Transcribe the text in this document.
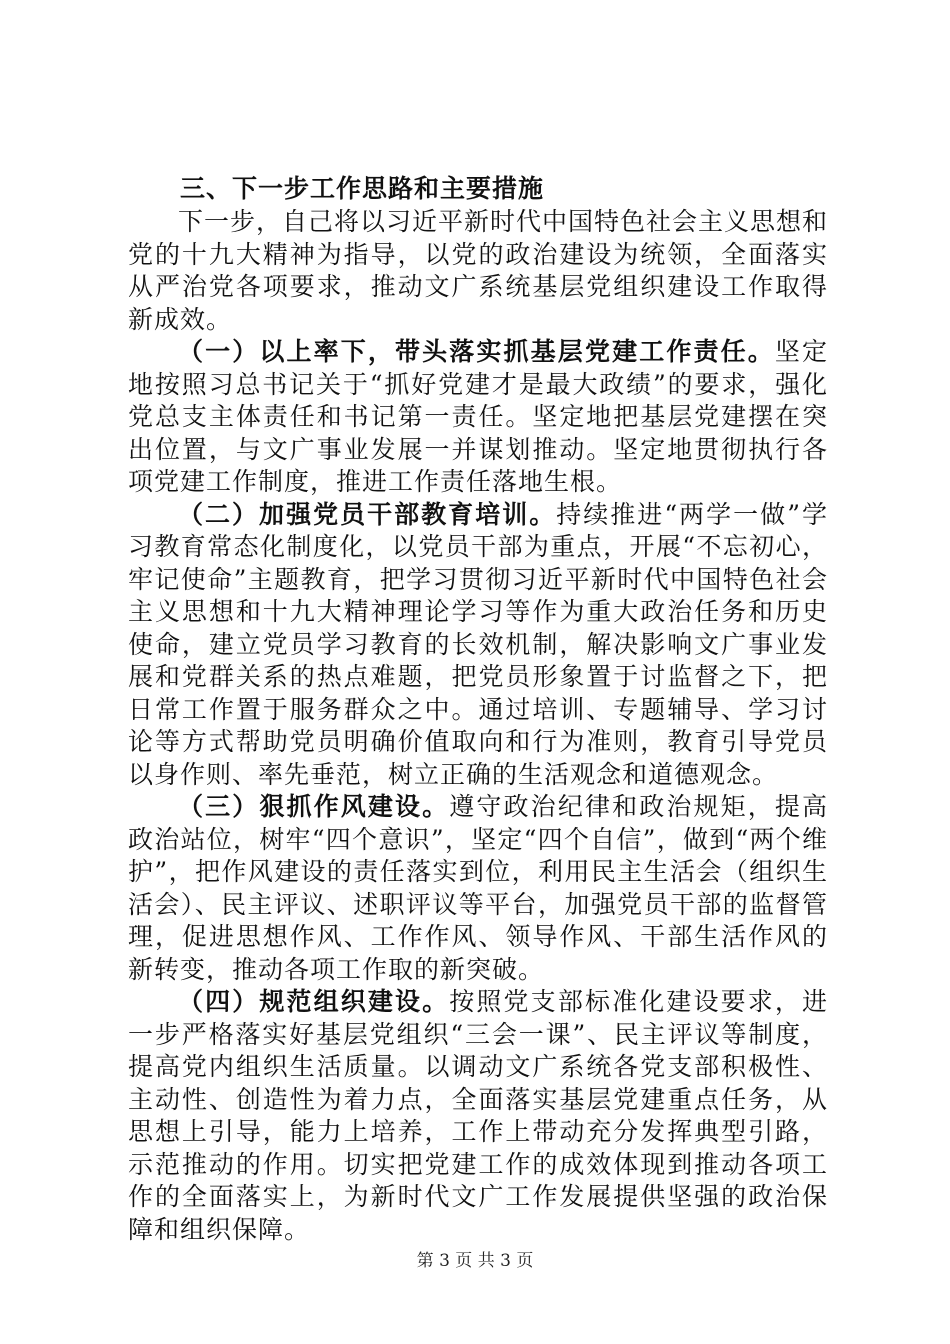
三、下一步工作思路和主要措施

下一步，自己将以习近平新时代中国特色社会主义思想和党的十九大精神为指导，以党的政治建设为统领，全面落实从严治党各项要求，推动文广系统基层党组织建设工作取得新成效。

（一）以上率下，带头落实抓基层党建工作责任。坚定地按照习总书记关于“抓好党建才是最大政绩”的要求，强化党总支主体责任和书记第一责任。坚定地把基层党建摆在突出位置，与文广事业发展一并谋划推动。坚定地贯彻执行各项党建工作制度，推进工作责任落地生根。

（二）加强党员干部教育培训。持续推进“两学一做”学习教育常态化制度化，以党员干部为重点，开展“不忘初心，牢记使命”主题教育，把学习贯彻习近平新时代中国特色社会主义思想和十九大精神理论学习等作为重大政治任务和历史使命，建立党员学习教育的长效机制，解决影响文广事业发展和党群关系的热点难题，把党员形象置于讨监督之下，把日常工作置于服务群众之中。通过培训、专题辅导、学习讨论等方式帮助党员明确价值取向和行为准则，教育引导党员以身作则、率先垂范，树立正确的生活观念和道德观念。

（三）狠抓作风建设。遵守政治纪律和政治规矩，提高政治站位，树牢“四个意识”，坚定“四个自信”，做到“两个维护”，把作风建设的责任落实到位，利用民主生活会（组织生活会）、民主评议、述职评议等平台，加强党员干部的监督管理，促进思想作风、工作作风、领导作风、干部生活作风的新转变，推动各项工作取的新突破。

（四）规范组织建设。按照党支部标准化建设要求，进一步严格落实好基层党组织“三会一课”、民主评议等制度，提高党内组织生活质量。以调动文广系统各党支部积极性、主动性、创造性为着力点，全面落实基层党建重点任务，从思想上引导，能力上培养，工作上带动充分发挥典型引路，示范推动的作用。切实把党建工作的成效体现到推动各项工作的全面落实上，为新时代文广工作发展提供坚强的政治保障和组织保障。

第 3 页 共 3 页
